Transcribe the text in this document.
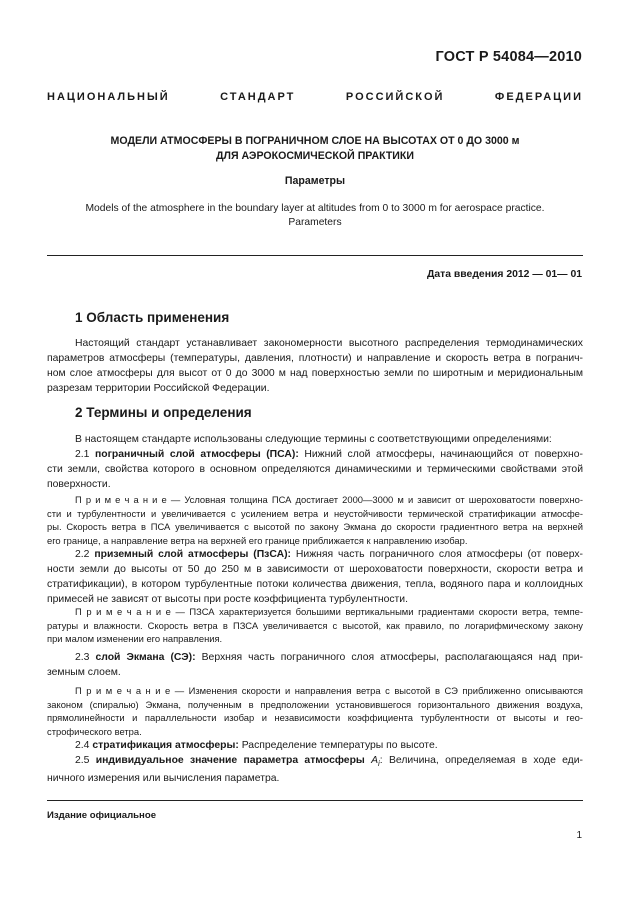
ГОСТ Р 54084—2010
НАЦИОНАЛЬНЫЙ СТАНДАРТ РОССИЙСКОЙ ФЕДЕРАЦИИ
МОДЕЛИ АТМОСФЕРЫ В ПОГРАНИЧНОМ СЛОЕ НА ВЫСОТАХ ОТ 0 ДО 3000 м
ДЛЯ АЭРОКОСМИЧЕСКОЙ ПРАКТИКИ
Параметры
Models of the atmosphere in the boundary layer at altitudes from 0 to 3000 m for aerospace practice.
Parameters
Дата введения 2012 — 01— 01
1 Область применения
Настоящий стандарт устанавливает закономерности высотного распределения термодинамических
параметров атмосферы (температуры, давления, плотности) и направление и скорость ветра в погранич-
ном слое атмосферы для высот от 0 до 3000 м над поверхностью земли по широтным и меридиональным
разрезам территории Российской Федерации.
2 Термины и определения
В настоящем стандарте использованы следующие термины с соответствующими определениями:
2.1 пограничный слой атмосферы (ПСА): Нижний слой атмосферы, начинающийся от поверхно-
сти земли, свойства которого в основном определяются динамическими и термическими свойствами этой
поверхности.
П р и м е ч а н и е — Условная толщина ПСА достигает 2000—3000 м и зависит от шероховатости поверхно-
сти и турбулентности и увеличивается с усилением ветра и неустойчивости термической стратификации атмосфе-
ры. Скорость ветра в ПСА увеличивается с высотой по закону Экмана до скорости градиентного ветра на верхней
его границе, а направление ветра на верхней его границе приближается к направлению изобар.
2.2 приземный слой атмосферы (ПзСА): Нижняя часть пограничного слоя атмосферы (от поверх-
ности земли до высоты от 50 до 250 м в зависимости от шероховатости поверхности, скорости ветра и
стратификации), в котором турбулентные потоки количества движения, тепла, водяного пара и коллоидных
примесей не зависят от высоты при росте коэффициента турбулентности.
П р и м е ч а н и е — ПЗСА характеризуется большими вертикальными градиентами скорости ветра, темпе-
ратуры и влажности. Скорость ветра в ПЗСА увеличивается с высотой, как правило, по логарифмическому закону
при малом изменении его направления.
2.3 слой Экмана (СЭ): Верхняя часть пограничного слоя атмосферы, располагающаяся над при-
земным слоем.
П р и м е ч а н и е — Изменения скорости и направления ветра с высотой в СЭ приближенно описываются
законом (спиралью) Экмана, полученным в предположении установившегося горизонтального движения воздуха,
прямолинейности и параллельности изобар и независимости коэффициента турбулентности от высоты и гео-
строфического ветра.
2.4 стратификация атмосферы: Распределение температуры по высоте.
2.5 индивидуальное значение параметра атмосферы $A_i$: Величина, определяемая в ходе еди-
ничного измерения или вычисления параметра.
Издание официальное
1
